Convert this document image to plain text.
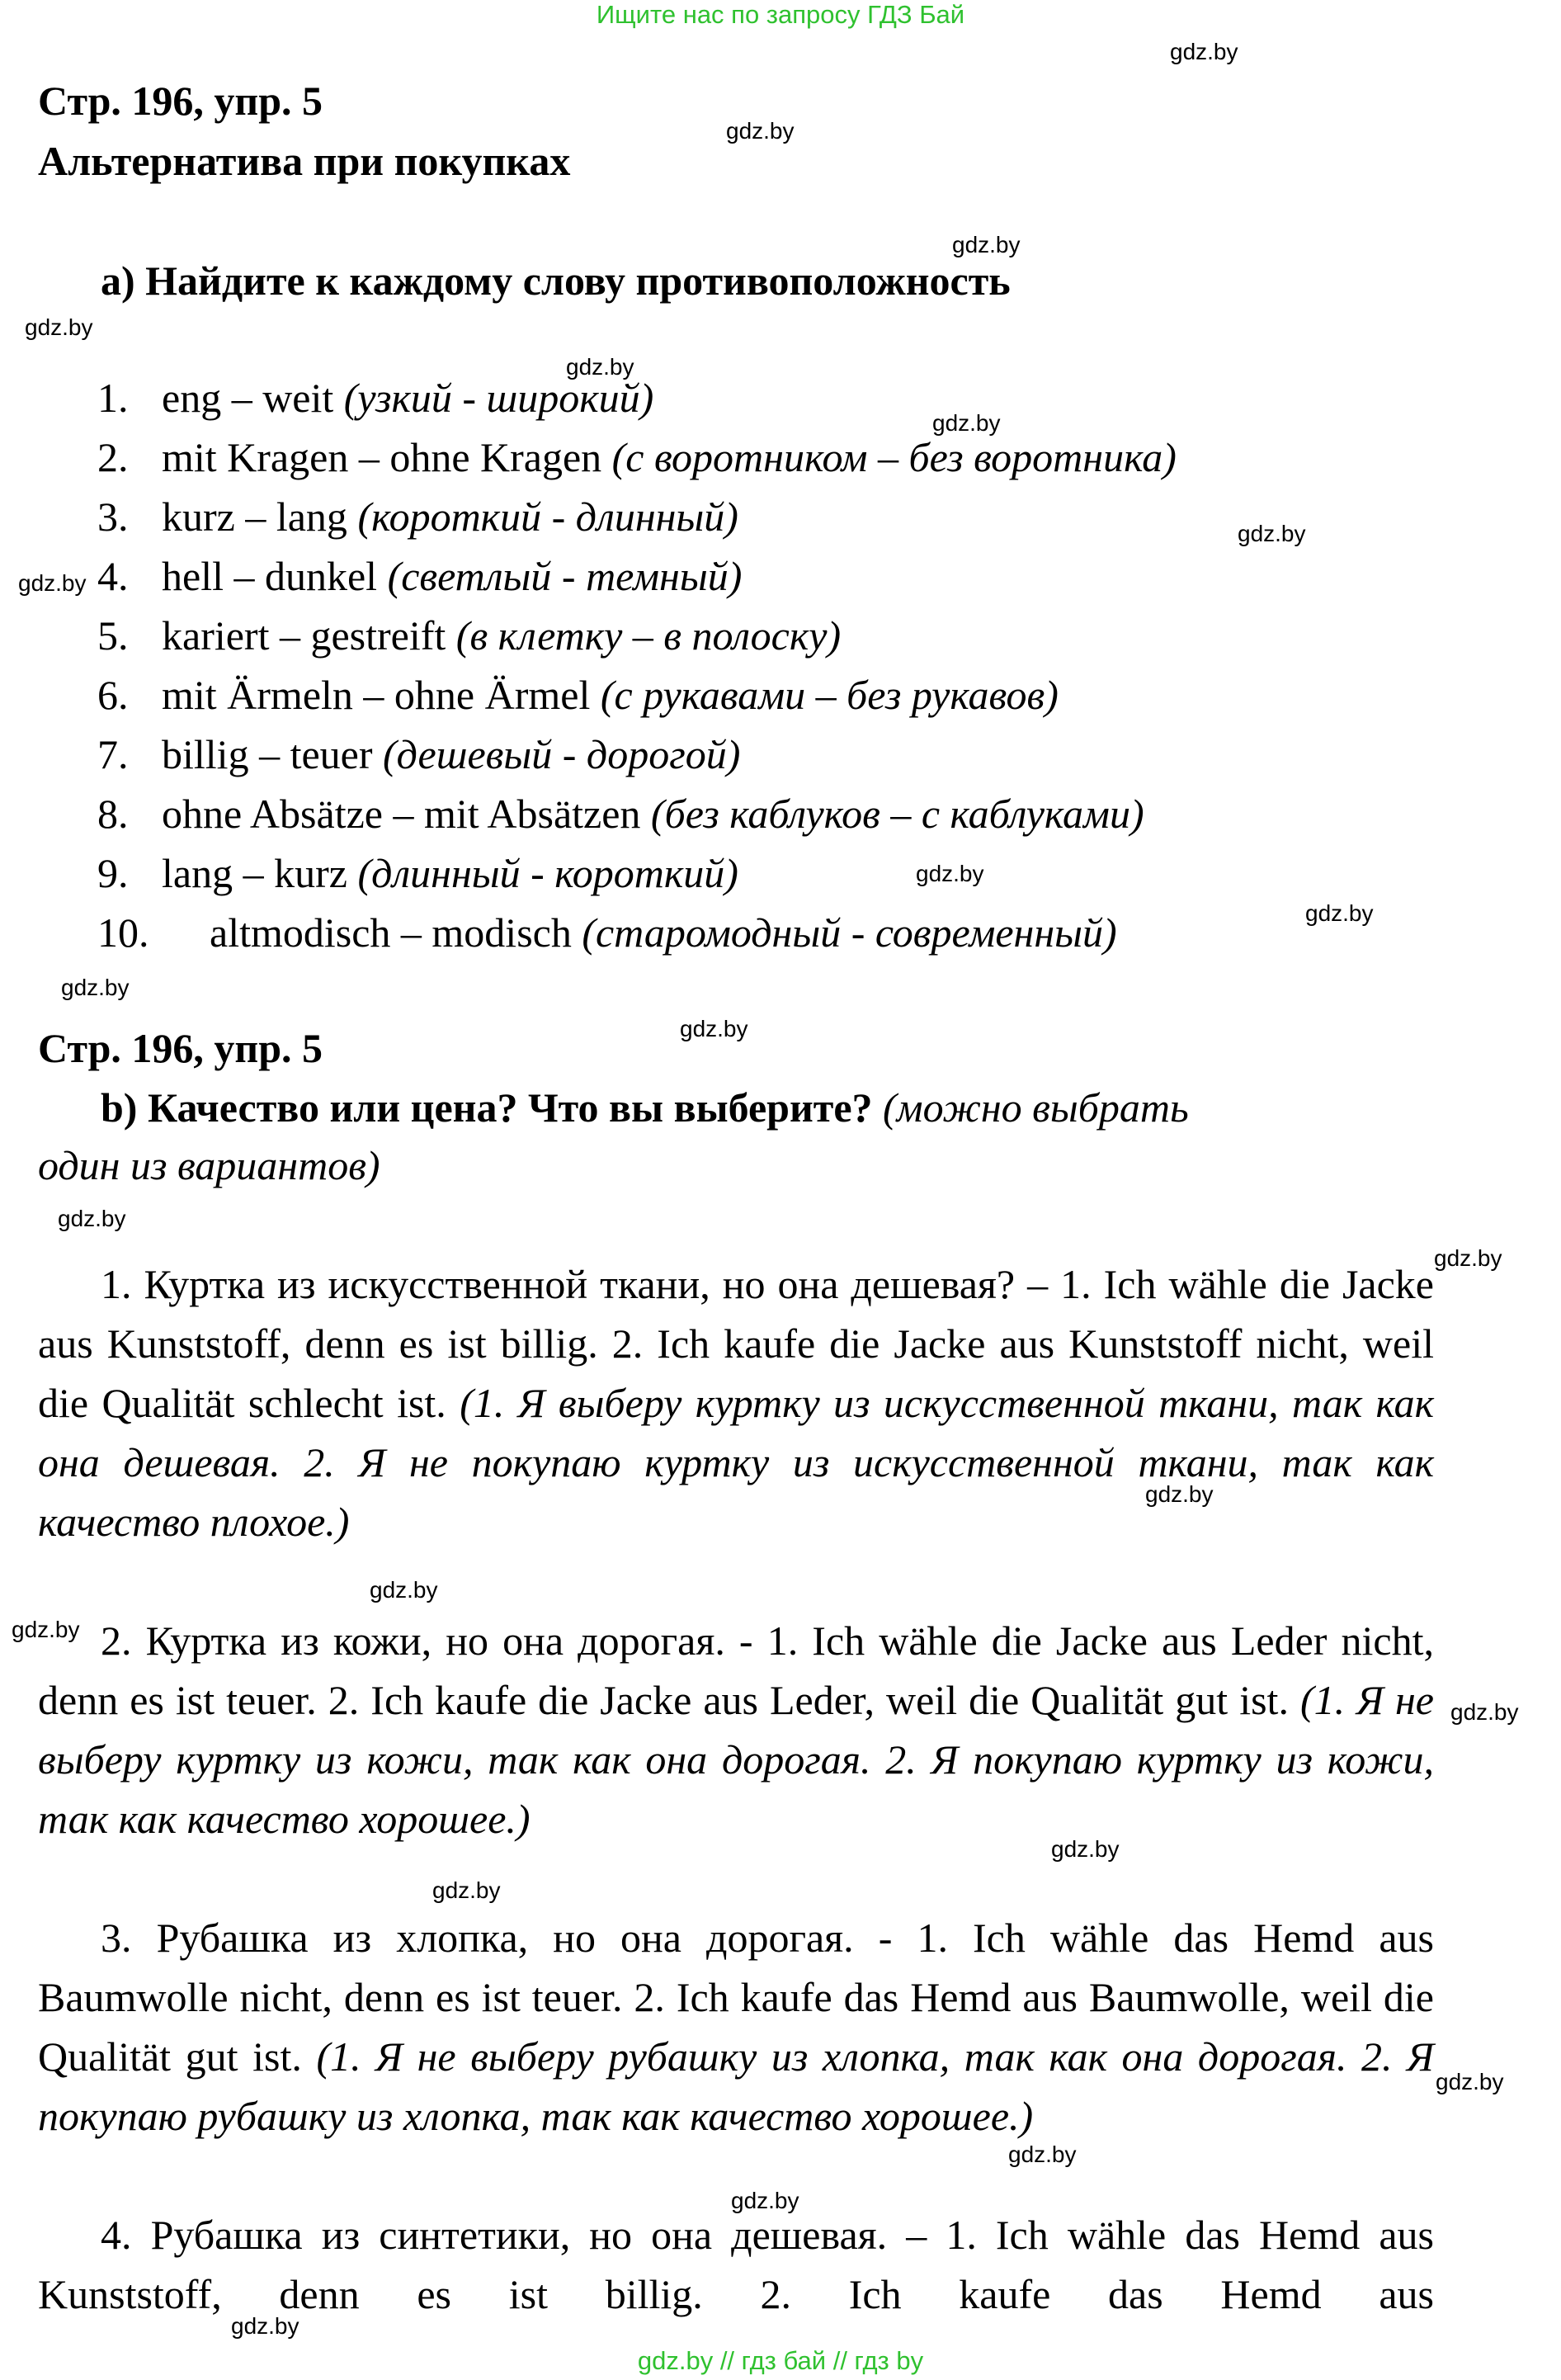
Ищите нас по запросу ГДЗ Бай
Стр. 196, упр. 5
Альтернатива при покупках
a) Найдите к каждому слову противоположность
1. eng – weit (узкий - широкий)
2. mit Kragen – ohne Kragen (с воротником – без воротника)
3. kurz – lang (короткий - длинный)
4. hell – dunkel (светлый - темный)
5. kariert – gestreift (в клетку – в полоску)
6. mit Ärmeln – ohne Ärmel (с рукавами – без рукавов)
7. billig – teuer (дешевый - дорогой)
8. ohne Absätze – mit Absätzen (без каблуков – с каблуками)
9. lang – kurz (длинный - короткий)
10. altmodisch – modisch (старомодный - современный)
Стр. 196, упр. 5
b) Качество или цена? Что вы выберите? (можно выбрать
один из вариантов)
1. Куртка из искусственной ткани, но она дешевая? – 1. Ich wähle die Jacke aus Kunststoff, denn es ist billig. 2. Ich kaufe die Jacke aus Kunststoff nicht, weil die Qualität schlecht ist. (1. Я выберу куртку из искусственной ткани, так как она дешевая. 2. Я не покупаю куртку из искусственной ткани, так как качество плохое.)
2. Куртка из кожи, но она дорогая. - 1. Ich wähle die Jacke aus Leder nicht, denn es ist teuer. 2. Ich kaufe die Jacke aus Leder, weil die Qualität gut ist. (1. Я не выберу куртку из кожи, так как она дорогая. 2. Я покупаю куртку из кожи, так как качество хорошее.)
3. Рубашка из хлопка, но она дорогая. - 1. Ich wähle das Hemd aus Baumwolle nicht, denn es ist teuer. 2. Ich kaufe das Hemd aus Baumwolle, weil die Qualität gut ist. (1. Я не выберу рубашку из хлопка, так как она дорогая. 2. Я покупаю рубашку из хлопка, так как качество хорошее.)
4. Рубашка из синтетики, но она дешевая. – 1. Ich wähle das Hemd aus Kunststoff, denn es ist billig. 2. Ich kaufe das Hemd aus
gdz.by
gdz.by
gdz.by
gdz.by
gdz.by
gdz.by
gdz.by
gdz.by
gdz.by
gdz.by
gdz.by
gdz.by
gdz.by
gdz.by
gdz.by
gdz.by
gdz.by
gdz.by
gdz.by
gdz.by
gdz.by
gdz.by
gdz.by
gdz.by
gdz.by // гдз бай // гдз by
